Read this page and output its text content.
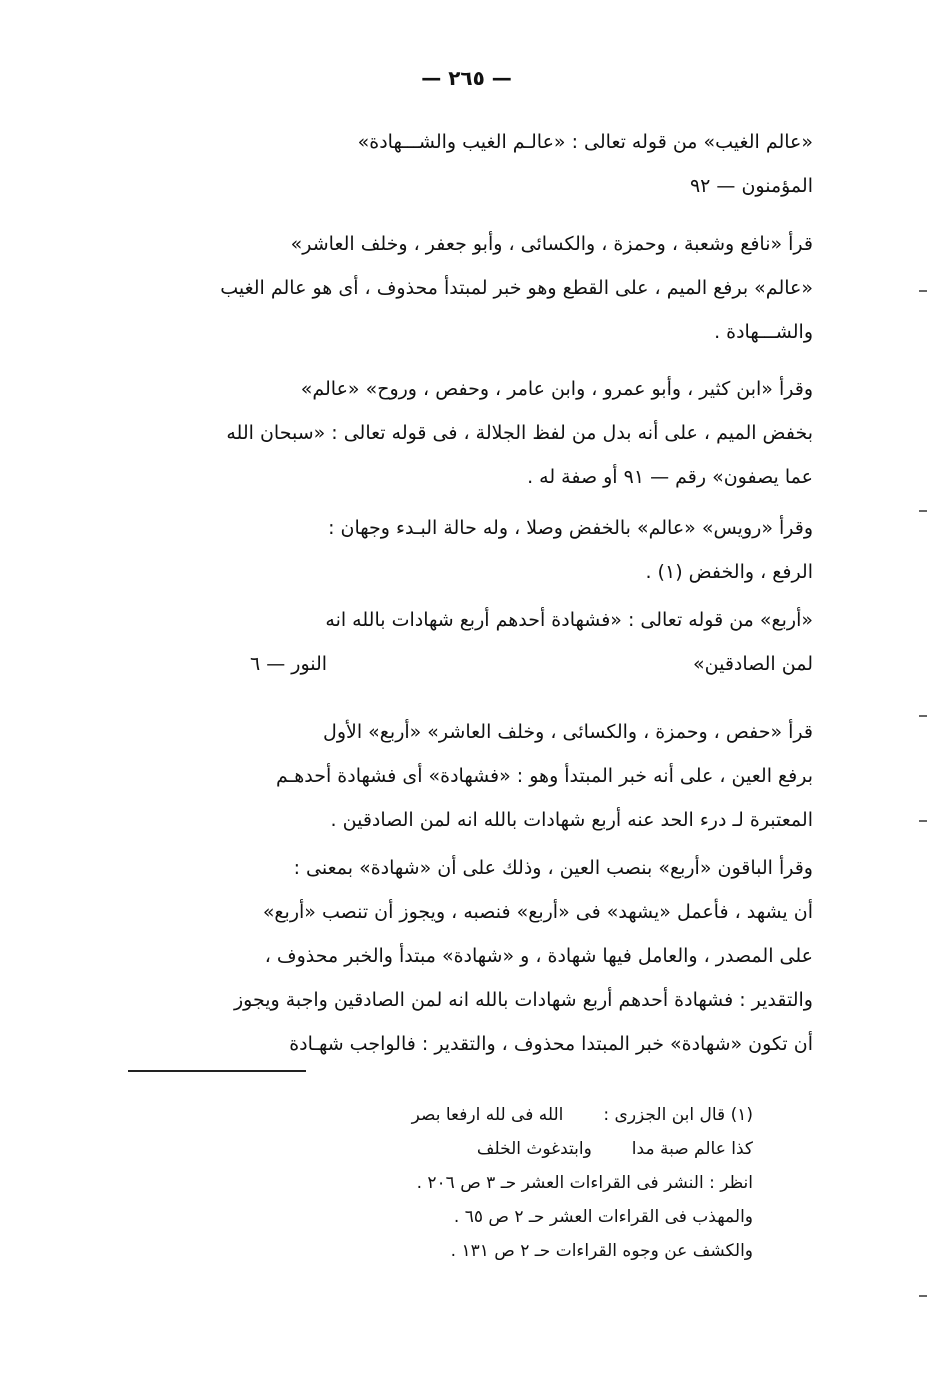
— ٢٦٥ —

«عالم الغيب» من قوله تعالى : «عالـم الغيب والشـــهادة»

المؤمنون — ٩٢

قرأ «نافع وشعبة ، وحمزة ، والكسائى ، وأبو جعفر ، وخلف العاشر»

«عالم» برفع الميم ، على القطع وهو خبر لمبتدأ محذوف ، أى هو عالم الغيب

والشـــهادة .

وقرأ «ابن كثير ، وأبو عمرو ، وابن عامر ، وحفص ، وروح» «عالم»

بخفض الميم ، على أنه بدل من لفظ الجلالة ، فى قوله تعالى : «سبحان الله

عما يصفون» رقم — ٩١ أو صفة له .

وقرأ «رويس» «عالم» بالخفض وصلا ، وله حالة البـدء وجهان :

الرفع ، والخفض (١) .

«أربع» من قوله تعالى : «فشهادة أحدهم أربع شهادات بالله انه

لمن الصادقين»
النور — ٦

قرأ «حفص ، وحمزة ، والكسائى ، وخلف العاشر» «أربع» الأول

برفع العين ، على أنه خبر المبتدأ وهو : «فشهادة» أى فشهادة أحدهـم

المعتبرة لـ درء الحد عنه أربع شهادات بالله انه لمن الصادقين .

وقرأ الباقون «أربع» بنصب العين ، وذلك على أن «شهادة» بمعنى :

أن يشهد ، فأعمل «يشهد» فى «أربع» فنصبه ، ويجوز أن تنصب «أربع»

على المصدر ، والعامل فيها شهادة ، و «شهادة» مبتدأ والخبر محذوف ،

والتقدير : فشهادة أحدهم أربع شهادات بالله انه لمن الصادقين واجبة ويجوز

أن تكون «شهادة» خبر المبتدا محذوف ، والتقدير : فالواجب شهـادة

(١) قال ابن الجزرى :الله فى لله ارفعا بصر

كذا عالم صبة مداوابتدغوث الخلف

انظر : النشر فى القراءات العشر حـ ٣ ص ٢٠٦ .

والمهذب فى القراءات العشر حـ ٢ ص ٦٥ .

والكشف عن وجوه القراءات حـ ٢ ص ١٣١ .
